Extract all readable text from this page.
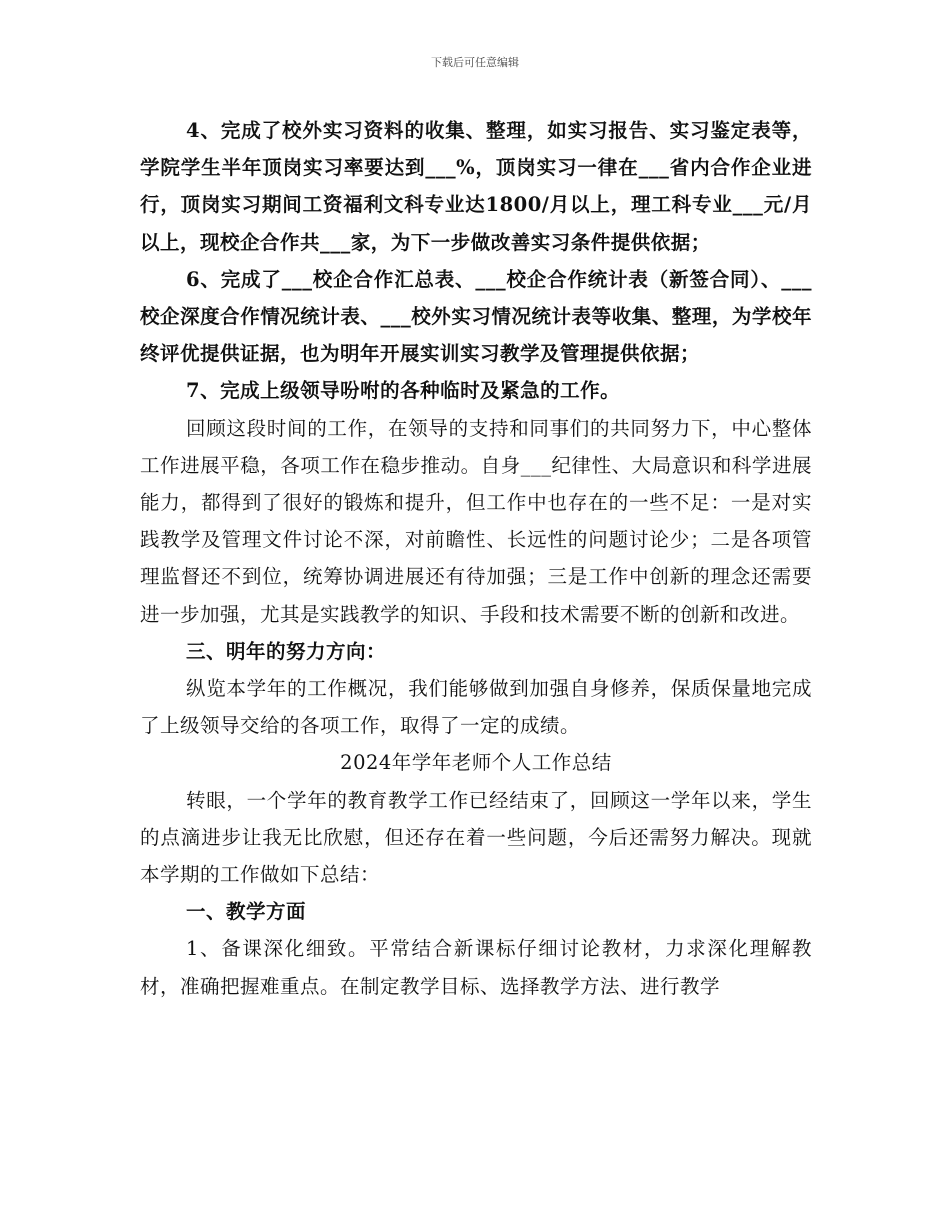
下载后可任意编辑

4、完成了校外实习资料的收集、整理，如实习报告、实习鉴定表等，学院学生半年顶岗实习率要达到___%，顶岗实习一律在___省内合作企业进行，顶岗实习期间工资福利文科专业达1800/月以上，理工科专业___元/月以上，现校企合作共___家，为下一步做改善实习条件提供依据；

6、完成了___校企合作汇总表、___校企合作统计表（新签合同）、___校企深度合作情况统计表、___校外实习情况统计表等收集、整理，为学校年终评优提供证据，也为明年开展实训实习教学及管理提供依据；

7、完成上级领导吩咐的各种临时及紧急的工作。

回顾这段时间的工作，在领导的支持和同事们的共同努力下，中心整体工作进展平稳，各项工作在稳步推动。自身___纪律性、大局意识和科学进展能力，都得到了很好的锻炼和提升，但工作中也存在的一些不足：一是对实践教学及管理文件讨论不深，对前瞻性、长远性的问题讨论少；二是各项管理监督还不到位，统筹协调进展还有待加强；三是工作中创新的理念还需要进一步加强，尤其是实践教学的知识、手段和技术需要不断的创新和改进。

三、明年的努力方向：

纵览本学年的工作概况，我们能够做到加强自身修养，保质保量地完成了上级领导交给的各项工作，取得了一定的成绩。

2024年学年老师个人工作总结

转眼，一个学年的教育教学工作已经结束了，回顾这一学年以来，学生的点滴进步让我无比欣慰，但还存在着一些问题，今后还需努力解决。现就本学期的工作做如下总结：

一、教学方面

1、备课深化细致。平常结合新课标仔细讨论教材，力求深化理解教材，准确把握难重点。在制定教学目标、选择教学方法、进行教学
